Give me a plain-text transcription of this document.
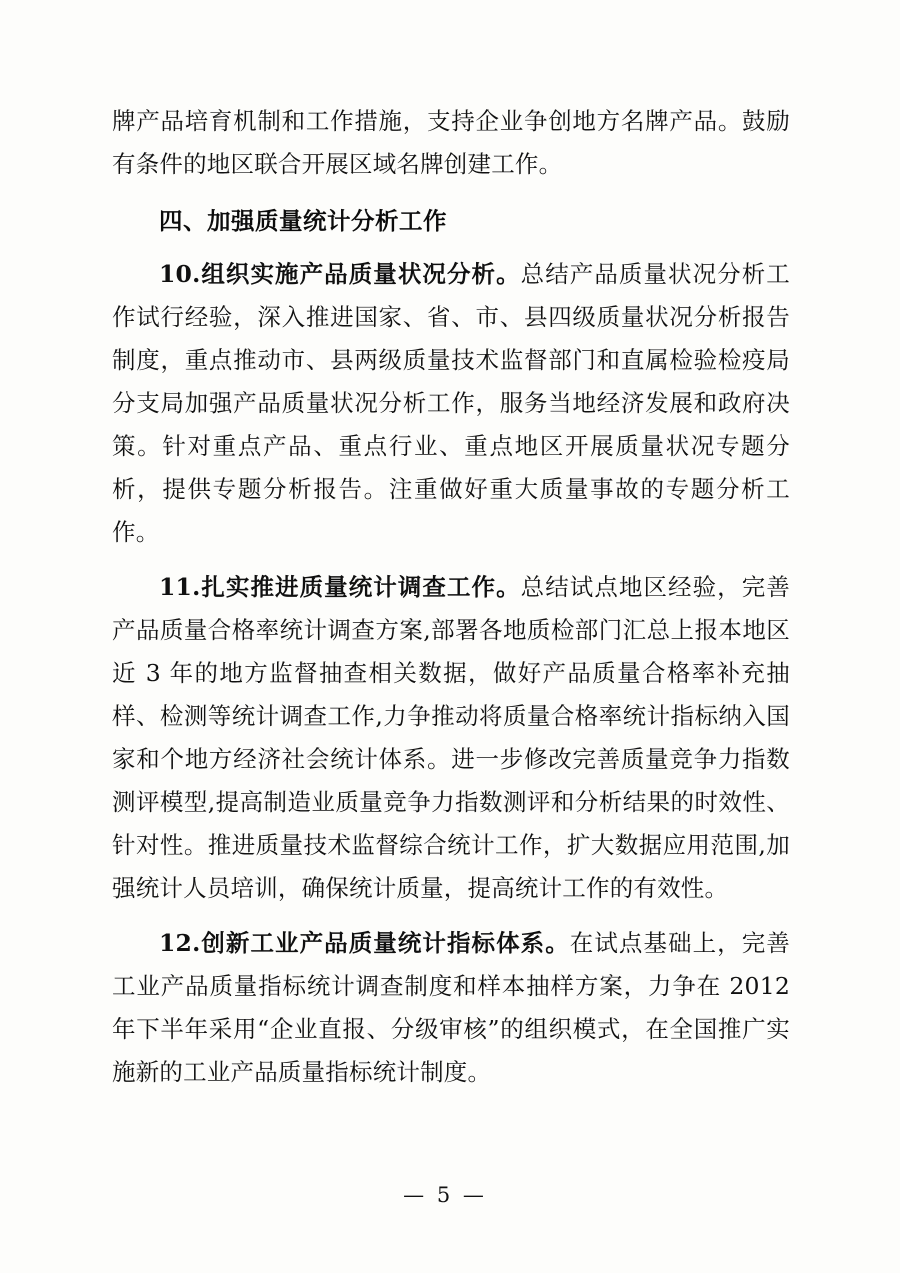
牌产品培育机制和工作措施，支持企业争创地方名牌产品。鼓励有条件的地区联合开展区域名牌创建工作。

四、加强质量统计分析工作

10.组织实施产品质量状况分析。总结产品质量状况分析工作试行经验，深入推进国家、省、市、县四级质量状况分析报告制度，重点推动市、县两级质量技术监督部门和直属检验检疫局分支局加强产品质量状况分析工作，服务当地经济发展和政府决策。针对重点产品、重点行业、重点地区开展质量状况专题分析，提供专题分析报告。注重做好重大质量事故的专题分析工作。

11.扎实推进质量统计调查工作。总结试点地区经验，完善产品质量合格率统计调查方案,部署各地质检部门汇总上报本地区近 3 年的地方监督抽查相关数据，做好产品质量合格率补充抽样、检测等统计调查工作,力争推动将质量合格率统计指标纳入国家和个地方经济社会统计体系。进一步修改完善质量竞争力指数测评模型,提高制造业质量竞争力指数测评和分析结果的时效性、针对性。推进质量技术监督综合统计工作，扩大数据应用范围,加强统计人员培训，确保统计质量，提高统计工作的有效性。

12.创新工业产品质量统计指标体系。在试点基础上，完善工业产品质量指标统计调查制度和样本抽样方案，力争在 2012 年下半年采用“企业直报、分级审核”的组织模式，在全国推广实施新的工业产品质量指标统计制度。

— 5 —
